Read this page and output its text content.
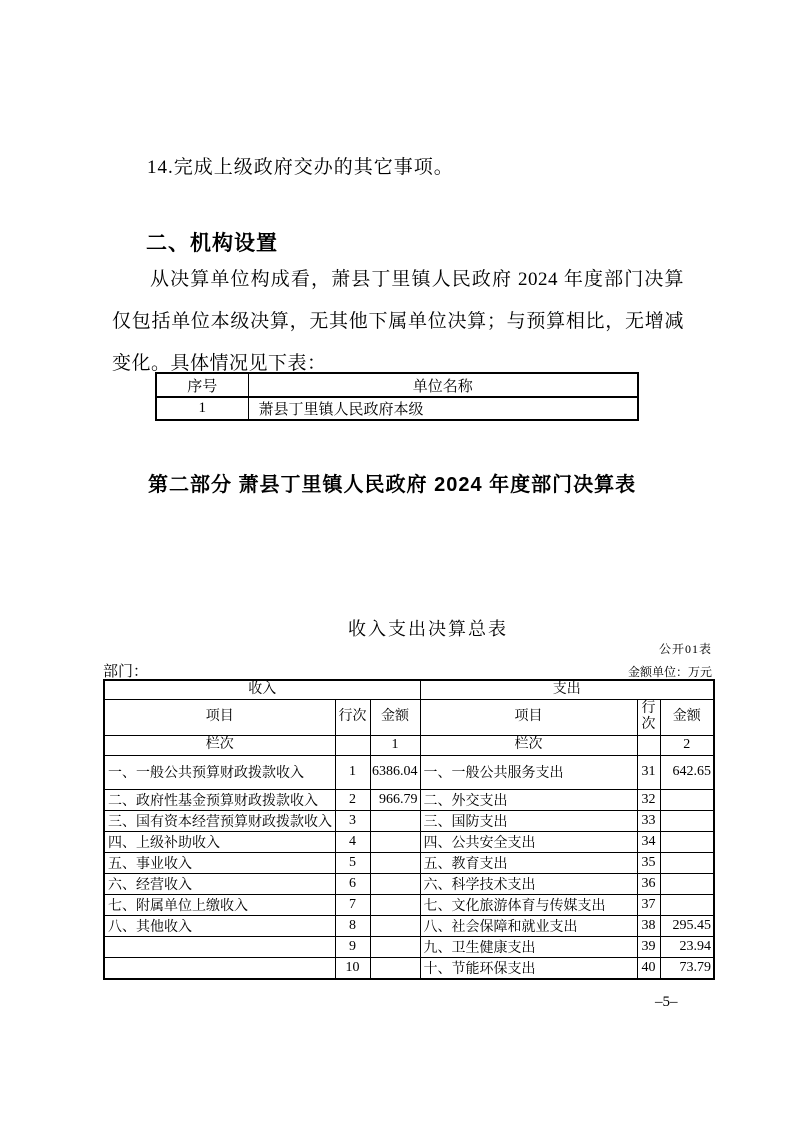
14.完成上级政府交办的其它事项。

二、机构设置

从决算单位构成看，萧县丁里镇人民政府 2024 年度部门决算仅包括单位本级决算，无其他下属单位决算；与预算相比，无增减变化。具体情况见下表：

序号	单位名称
1	萧县丁里镇人民政府本级
第二部分 萧县丁里镇人民政府 2024 年度部门决算表
收入支出决算总表
公开01表
部门：	金额单位：万元
收入			支出		
项目	行次	金额	项目	行次	金额
栏次		1	栏次		2
一、一般公共预算财政拨款收入	1	6386.04	一、一般公共服务支出	31	642.65
二、政府性基金预算财政拨款收入	2	966.79	二、外交支出	32	
三、国有资本经营预算财政拨款收入	3		三、国防支出	33	
四、上级补助收入	4		四、公共安全支出	34	
五、事业收入	5		五、教育支出	35	
六、经营收入	6		六、科学技术支出	36	
七、附属单位上缴收入	7		七、文化旅游体育与传媒支出	37	
八、其他收入	8		八、社会保障和就业支出	38	295.45
	9		九、卫生健康支出	39	23.94
	10		十、节能环保支出	40	73.79
–5–
